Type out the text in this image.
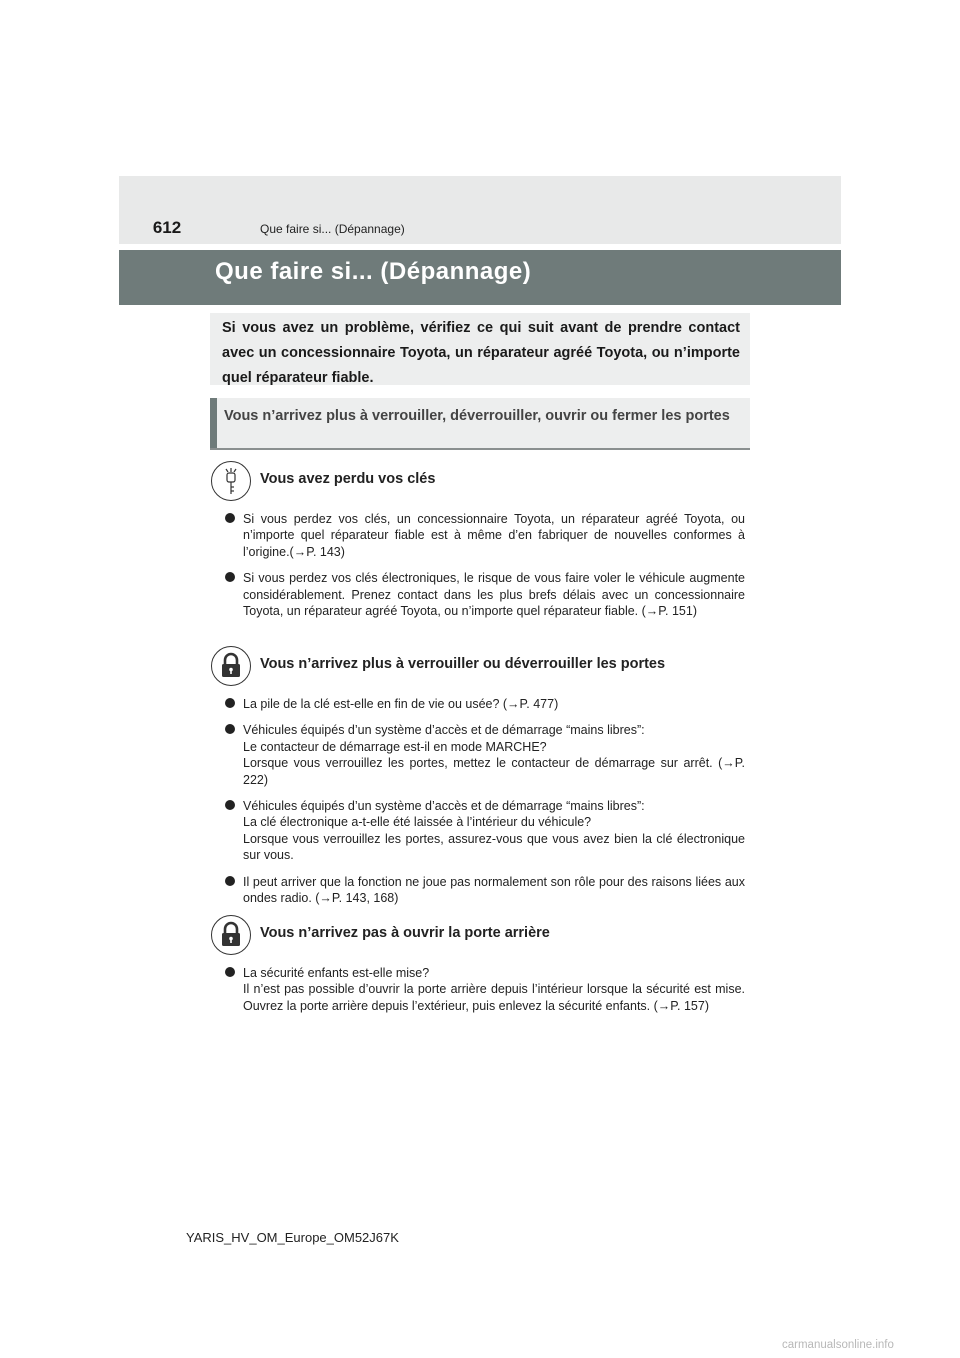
612	Que faire si... (Dépannage)
Que faire si... (Dépannage)
Si vous avez un problème, vérifiez ce qui suit avant de prendre contact avec un concessionnaire Toyota, un réparateur agréé Toyota, ou n’importe quel réparateur fiable.
Vous n’arrivez plus à verrouiller, déverrouiller, ouvrir ou fermer les portes
Vous avez perdu vos clés
Si vous perdez vos clés, un concessionnaire Toyota, un réparateur agréé Toyota, ou n’importe quel réparateur fiable est à même d’en fabriquer de nouvelles conformes à l’origine.(→P. 143)
Si vous perdez vos clés électroniques, le risque de vous faire voler le véhicule augmente considérablement. Prenez contact dans les plus brefs délais avec un concessionnaire Toyota, un réparateur agréé Toyota, ou n’importe quel réparateur fiable. (→P. 151)
Vous n’arrivez plus à verrouiller ou déverrouiller les portes
La pile de la clé est-elle en fin de vie ou usée? (→P. 477)
Véhicules équipés d’un système d’accès et de démarrage “mains libres”:
Le contacteur de démarrage est-il en mode MARCHE?
Lorsque vous verrouillez les portes, mettez le contacteur de démarrage sur arrêt. (→P. 222)
Véhicules équipés d’un système d’accès et de démarrage “mains libres”:
La clé électronique a-t-elle été laissée à l’intérieur du véhicule?
Lorsque vous verrouillez les portes, assurez-vous que vous avez bien la clé électronique sur vous.
Il peut arriver que la fonction ne joue pas normalement son rôle pour des raisons liées aux ondes radio. (→P. 143, 168)
Vous n’arrivez pas à ouvrir la porte arrière
La sécurité enfants est-elle mise?
Il n’est pas possible d’ouvrir la porte arrière depuis l’intérieur lorsque la sécurité est mise. Ouvrez la porte arrière depuis l’extérieur, puis enlevez la sécurité enfants. (→P. 157)
YARIS_HV_OM_Europe_OM52J67K
carmanualsonline.info
